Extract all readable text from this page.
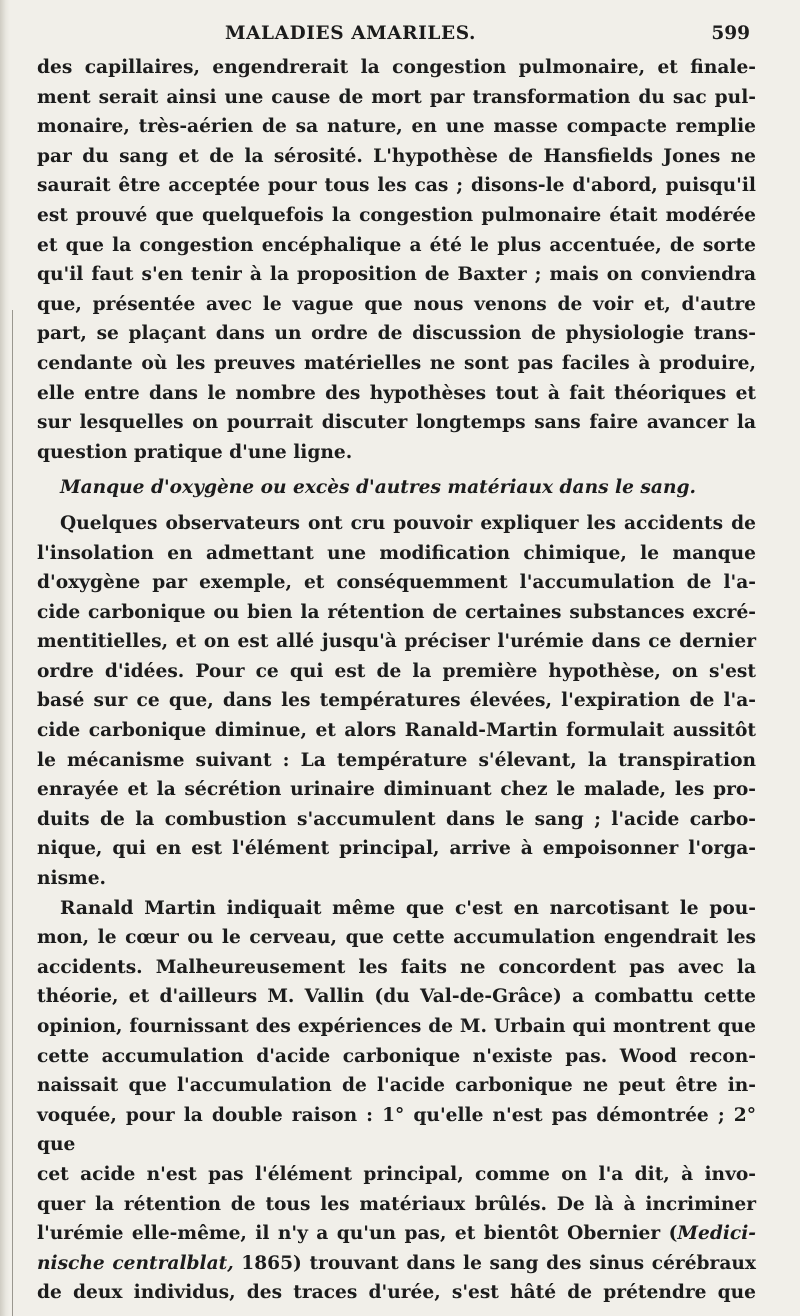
MALADIES AMARILES.	599

des capillaires, engendrerait la congestion pulmonaire, et finale-

ment serait ainsi une cause de mort par transformation du sac pul-

monaire, très-aérien de sa nature, en une masse compacte remplie

par du sang et de la sérosité. L'hypothèse de Hansfields Jones ne

saurait être acceptée pour tous les cas ; disons-le d'abord, puisqu'il

est prouvé que quelquefois la congestion pulmonaire était modérée

et que la congestion encéphalique a été le plus accentuée, de sorte

qu'il faut s'en tenir à la proposition de Baxter ; mais on conviendra

que, présentée avec le vague que nous venons de voir et, d'autre

part, se plaçant dans un ordre de discussion de physiologie trans-

cendante où les preuves matérielles ne sont pas faciles à produire,

elle entre dans le nombre des hypothèses tout à fait théoriques et

sur lesquelles on pourrait discuter longtemps sans faire avancer la

question pratique d'une ligne.

Manque d'oxygène ou excès d'autres matériaux dans le sang.

Quelques observateurs ont cru pouvoir expliquer les accidents de

l'insolation en admettant une modification chimique, le manque

d'oxygène par exemple, et conséquemment l'accumulation de l'a-

cide carbonique ou bien la rétention de certaines substances excré-

mentitielles, et on est allé jusqu'à préciser l'urémie dans ce dernier

ordre d'idées. Pour ce qui est de la première hypothèse, on s'est

basé sur ce que, dans les températures élevées, l'expiration de l'a-

cide carbonique diminue, et alors Ranald-Martin formulait aussitôt

le mécanisme suivant : La température s'élevant, la transpiration

enrayée et la sécrétion urinaire diminuant chez le malade, les pro-

duits de la combustion s'accumulent dans le sang ; l'acide carbo-

nique, qui en est l'élément principal, arrive à empoisonner l'orga-

nisme.

Ranald Martin indiquait même que c'est en narcotisant le pou-

mon, le cœur ou le cerveau, que cette accumulation engendrait les

accidents. Malheureusement les faits ne concordent pas avec la

théorie, et d'ailleurs M. Vallin (du Val-de-Grâce) a combattu cette

opinion, fournissant des expériences de M. Urbain qui montrent que

cette accumulation d'acide carbonique n'existe pas. Wood recon-

naissait que l'accumulation de l'acide carbonique ne peut être in-

voquée, pour la double raison : 1° qu'elle n'est pas démontrée ; 2° que

cet acide n'est pas l'élément principal, comme on l'a dit, à invo-

quer la rétention de tous les matériaux brûlés. De là à incriminer

l'urémie elle-même, il n'y a qu'un pas, et bientôt Obernier (Medici-

nische centralblat, 1865) trouvant dans le sang des sinus cérébraux

de deux individus, des traces d'urée, s'est hâté de prétendre que
